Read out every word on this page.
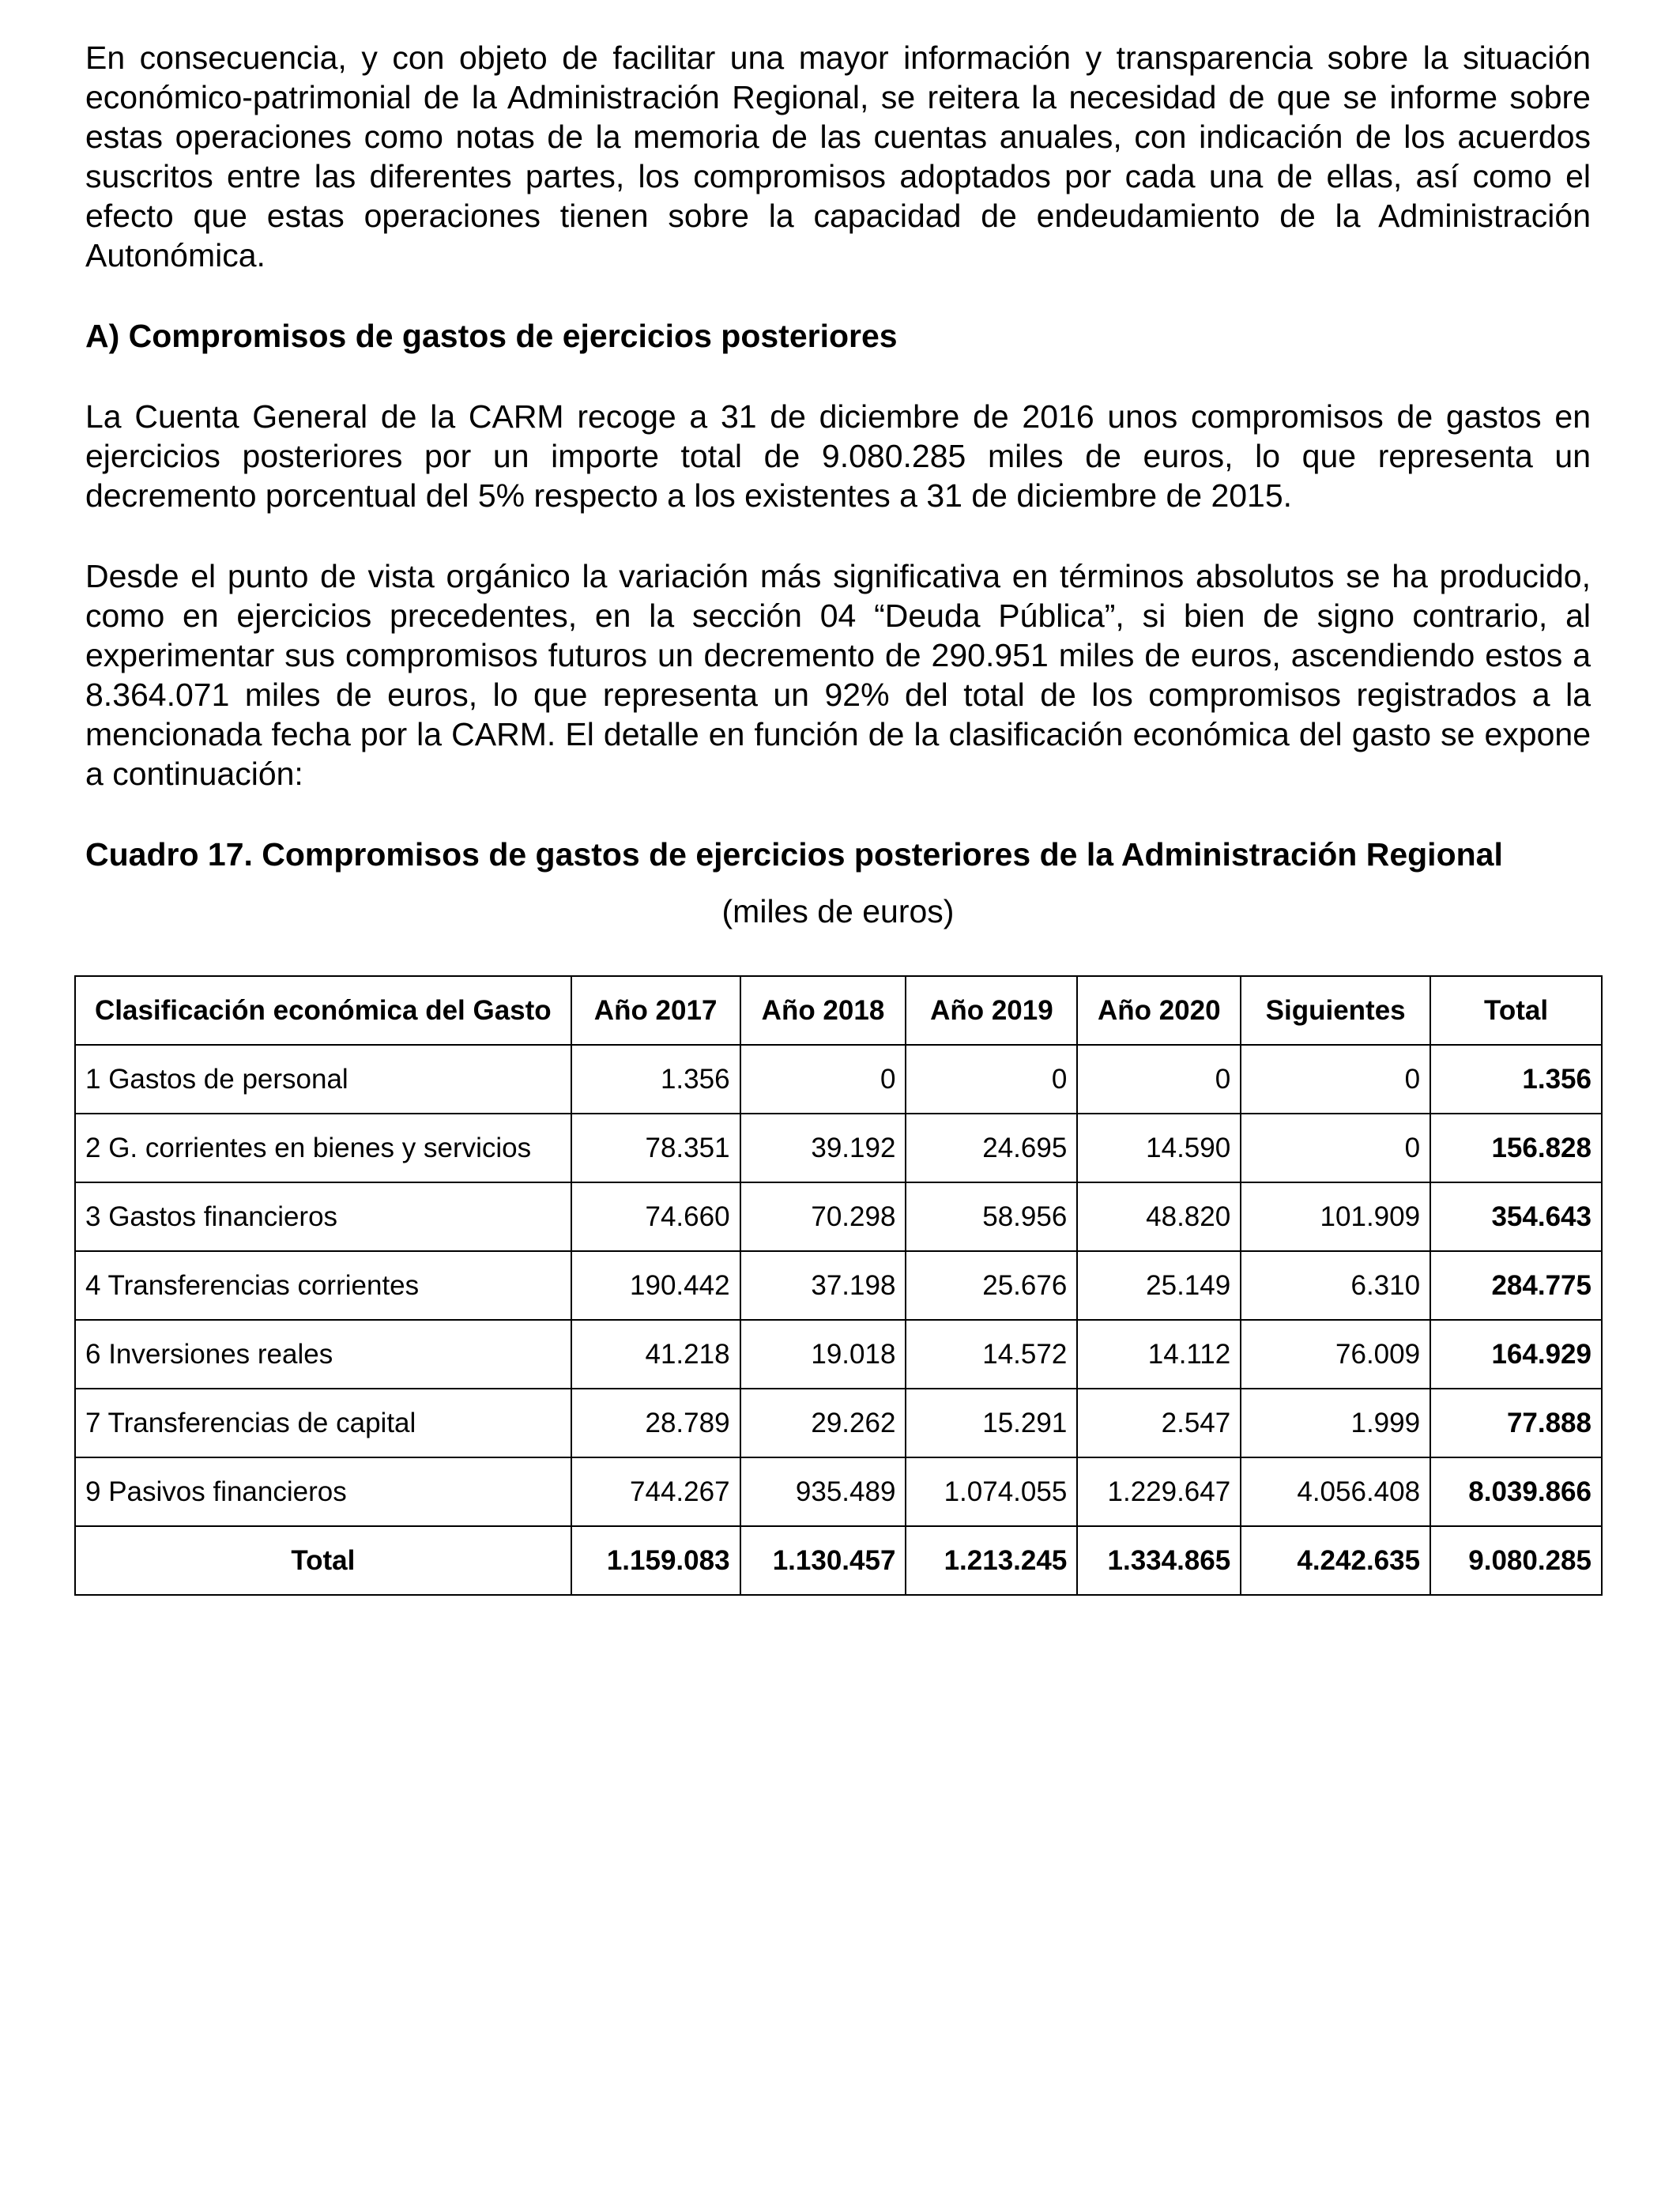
En consecuencia, y con objeto de facilitar una mayor información y transparencia sobre la situación económico-patrimonial de la Administración Regional, se reitera la necesidad de que se informe sobre estas operaciones como notas de la memoria de las cuentas anuales, con indicación de los acuerdos suscritos entre las diferentes partes, los compromisos adoptados por cada una de ellas, así como el efecto que estas operaciones tienen sobre la capacidad de endeudamiento de la Administración Autonómica.

A) Compromisos de gastos de ejercicios posteriores

La Cuenta General de la CARM recoge a 31 de diciembre de 2016 unos compromisos de gastos en ejercicios posteriores por un importe total de 9.080.285 miles de euros, lo que representa un decremento porcentual del 5% respecto a los existentes a 31 de diciembre de 2015.

Desde el punto de vista orgánico la variación más significativa en términos absolutos se ha producido, como en ejercicios precedentes, en la sección 04 “Deuda Pública”, si bien de signo contrario, al experimentar sus compromisos futuros un decremento de 290.951 miles de euros, ascendiendo estos a 8.364.071 miles de euros, lo que representa un 92% del total de los compromisos registrados a la mencionada fecha por la CARM. El detalle en función de la clasificación económica del gasto se expone a continuación:

Cuadro 17. Compromisos de gastos de ejercicios posteriores de la Administración Regional
(miles de euros)
Clasificación económica del Gasto	Año 2017	Año 2018	Año 2019	Año 2020	Siguientes	Total
1 Gastos de personal	1.356	0	0	0	0	1.356
2 G. corrientes en bienes y servicios	78.351	39.192	24.695	14.590	0	156.828
3 Gastos financieros	74.660	70.298	58.956	48.820	101.909	354.643
4 Transferencias corrientes	190.442	37.198	25.676	25.149	6.310	284.775
6 Inversiones reales	41.218	19.018	14.572	14.112	76.009	164.929
7 Transferencias de capital	28.789	29.262	15.291	2.547	1.999	77.888
9 Pasivos financieros	744.267	935.489	1.074.055	1.229.647	4.056.408	8.039.866
Total	1.159.083	1.130.457	1.213.245	1.334.865	4.242.635	9.080.285
